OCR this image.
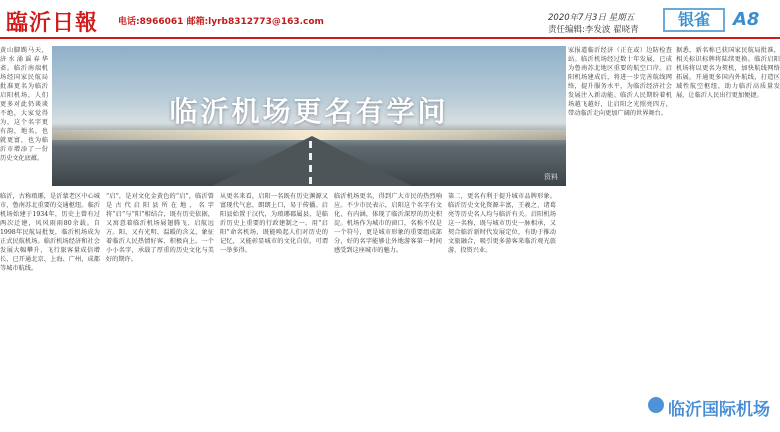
臨沂日報 电话:8966061 邮箱:lyrb8312773@163.com	2020年7月3日 星期五
责任编辑:李发波 翟晓青
银雀	A8

黄山脚踢马天，济水涌谣春华斋。临沂南端机场经国家民航局批准更名为临沂启阳机场，人们更多对此仍谈谈不绝，大家觉得为，这个名字更有韵，地名，也就更富，也为临沂市增添了一份历史文化底蕴。

临沂机场更名有学问
资料

临沂，古称琅琊，是沂蒙老区中心城市，鲁南苏北重要的交通枢纽。临沂机场始建于1934年，历史上曾有过两次迁建，风风雨雨80余载。自1998年民航局批复，临沂机场成为正式民航机场。临沂机场经济和社会发展大幅攀升，飞行旅客量成倍增长，已开通北京、上海、广州、成都等城市航线。

“启”，是对文化金黄色的“启”，临沂曾是古代启阳县所在地，名字将“启”与“阳”相结合，既有历史依据，又寓意着临沂机场展翅腾飞、启航远方。阳，又有光明、温暖的含义，象征着临沂人民热情好客、积极向上。一个小小名字，承载了厚重的历史文化与美好的期许。

从更名来看，启阳一名既有历史渊源又富现代气息，朗朗上口，易于传播。启阳县始置于汉代，为琅琊郡属县，是临沂历史上重要的行政建制之一。用“启阳”命名机场，既能唤起人们对历史的记忆，又能彰显城市的文化自信，可谓一举多得。

临沂机场更名，得到广大市民的热烈响应。不少市民表示，启阳这个名字有文化、有内涵，体现了临沂深厚的历史积淀。机场作为城市的窗口，名称不仅是一个符号，更是城市形象的重要组成部分，好的名字能够让外地游客第一时间感受到这座城市的魅力。

第二，更名有利于提升城市品牌形象。临沂历史文化资源丰富，王羲之、诸葛亮等历史名人均与临沂有关。启阳机场这一名称，既与城市历史一脉相承，又契合临沂新时代发展定位，有助于推动文旅融合，吸引更多游客来临沂观光旅游、投资兴业。

家报道临沂经济（正在或）边防检查站。临沂机场经过数十年发展，已成为鲁南苏北地区重要的航空口岸。启阳机场建成后，将进一步完善航线网络，提升服务水平，为临沂经济社会发展注入新动能。临沂人民期盼着机场越飞越好，让启阳之光照亮四方，带动临沂走向更加广阔的世界舞台。

据悉，新名称已获国家民航局批准，相关标识标牌将陆续更换。临沂启阳机场将以更名为契机，加快航线网络拓展，开通更多国内外航线，打造区域性航空枢纽，助力临沂高质量发展，让临沂人民出行更加便捷。

临沂国际机场
